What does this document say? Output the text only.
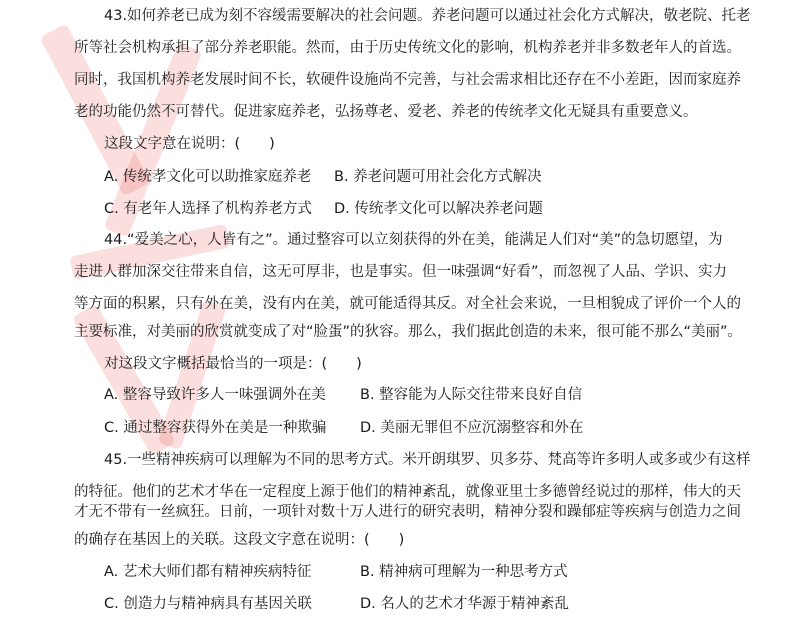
43.如何养老已成为刻不容缓需要解决的社会问题。养老问题可以通过社会化方式解决，敬老院、托老
所等社会机构承担了部分养老职能。然而，由于历史传统文化的影响，机构养老并非多数老年人的首选。
同时，我国机构养老发展时间不长，软硬件设施尚不完善，与社会需求相比还存在不小差距，因而家庭养
老的功能仍然不可替代。促进家庭养老，弘扬尊老、爱老、养老的传统孝文化无疑具有重要意义。
这段文字意在说明：(　　)
A. 传统孝文化可以助推家庭养老 B. 养老问题可用社会化方式解决
C. 有老年人选择了机构养老方式 D. 传统孝文化可以解决养老问题
44.“爱美之心，人皆有之”。通过整容可以立刻获得的外在美，能满足人们对“美”的急切愿望，为
走进人群加深交往带来自信，这无可厚非，也是事实。但一味强调“好看”，而忽视了人品、学识、实力
等方面的积累，只有外在美，没有内在美，就可能适得其反。对全社会来说，一旦相貌成了评价一个人的
主要标准，对美丽的欣赏就变成了对“脸蛋”的狄容。那么，我们据此创造的未来，很可能不那么“美丽”。
对这段文字概括最恰当的一项是：(　　)
A. 整容导致许多人一味强调外在美 B. 整容能为人际交往带来良好自信
C. 通过整容获得外在美是一种欺骗 D. 美丽无罪但不应沉溺整容和外在
45.一些精神疾病可以理解为不同的思考方式。米开朗琪罗、贝多芬、梵高等许多明人或多或少有这样
的特征。他们的艺术才华在一定程度上源于他们的精神紊乱，就像亚里士多德曾经说过的那样，伟大的天
才无不带有一丝疯狂。日前，一项针对数十万人进行的研究表明，精神分裂和躁郁症等疾病与创造力之间
的确存在基因上的关联。这段文字意在说明：(　　)
A. 艺术大师们都有精神疾病特征	B. 精神病可理解为一种思考方式
C. 创造力与精神病具有基因关联	D. 名人的艺术才华源于精神紊乱
